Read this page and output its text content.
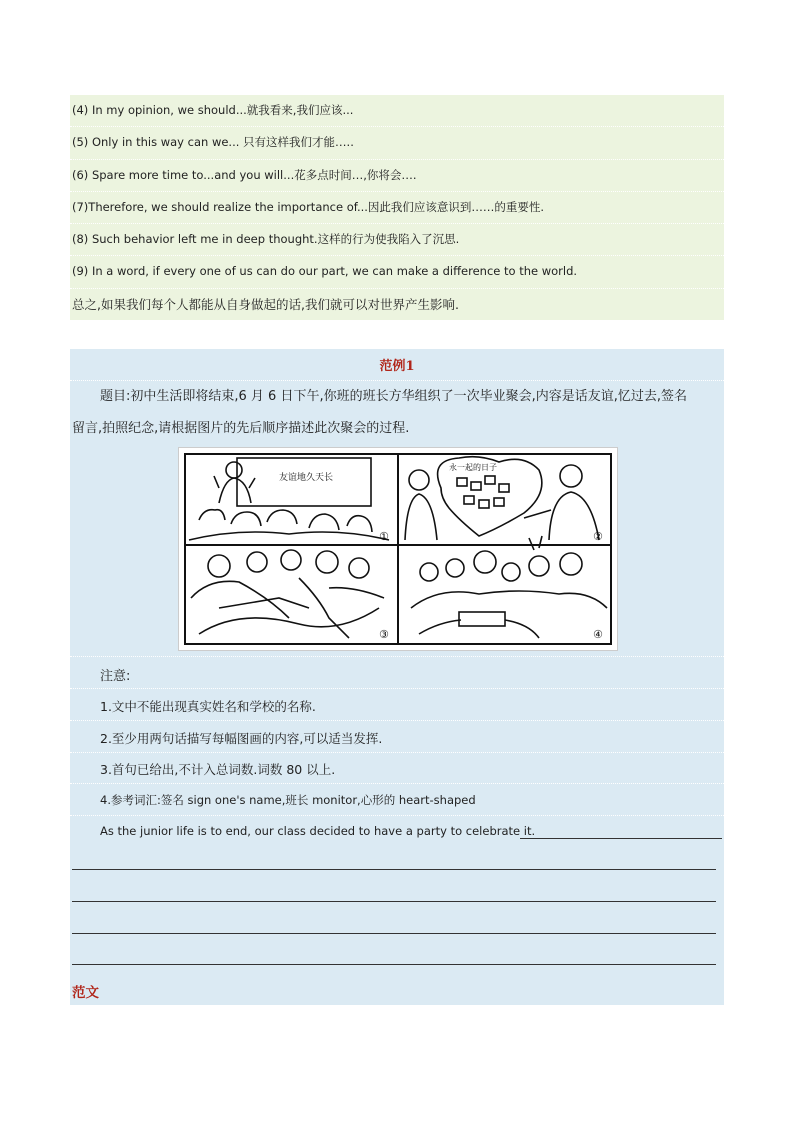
(4) In my opinion, we should...就我看来,我们应该...
(5) Only in this way can we... 只有这样我们才能…..
(6) Spare more time to...and you will...花多点时间…,你将会….
(7)Therefore, we should realize the importance of...因此我们应该意识到……的重要性.
(8) Such behavior left me in deep thought.这样的行为使我陷入了沉思.
(9) In a word, if every one of us can do our part, we can make a difference to the world.
总之,如果我们每个人都能从自身做起的话,我们就可以对世界产生影响.
范例1
题目:初中生活即将结束,6 月 6 日下午,你班的班长方华组织了一次毕业聚会,内容是话友谊,忆过去,签名
留言,拍照纪念,请根据图片的先后顺序描述此次聚会的过程.
友谊地久天长
永一起的日子
①	②
③	④
注意:
1.文中不能出现真实姓名和学校的名称.
2.至少用两句话描写每幅图画的内容,可以适当发挥.
3.首句已给出,不计入总词数.词数 80 以上.
4.参考词汇:签名 sign one's name,班长 monitor,心形的 heart-shaped
As the junior life is to end, our class decided to have a party to celebrate it.
范文
